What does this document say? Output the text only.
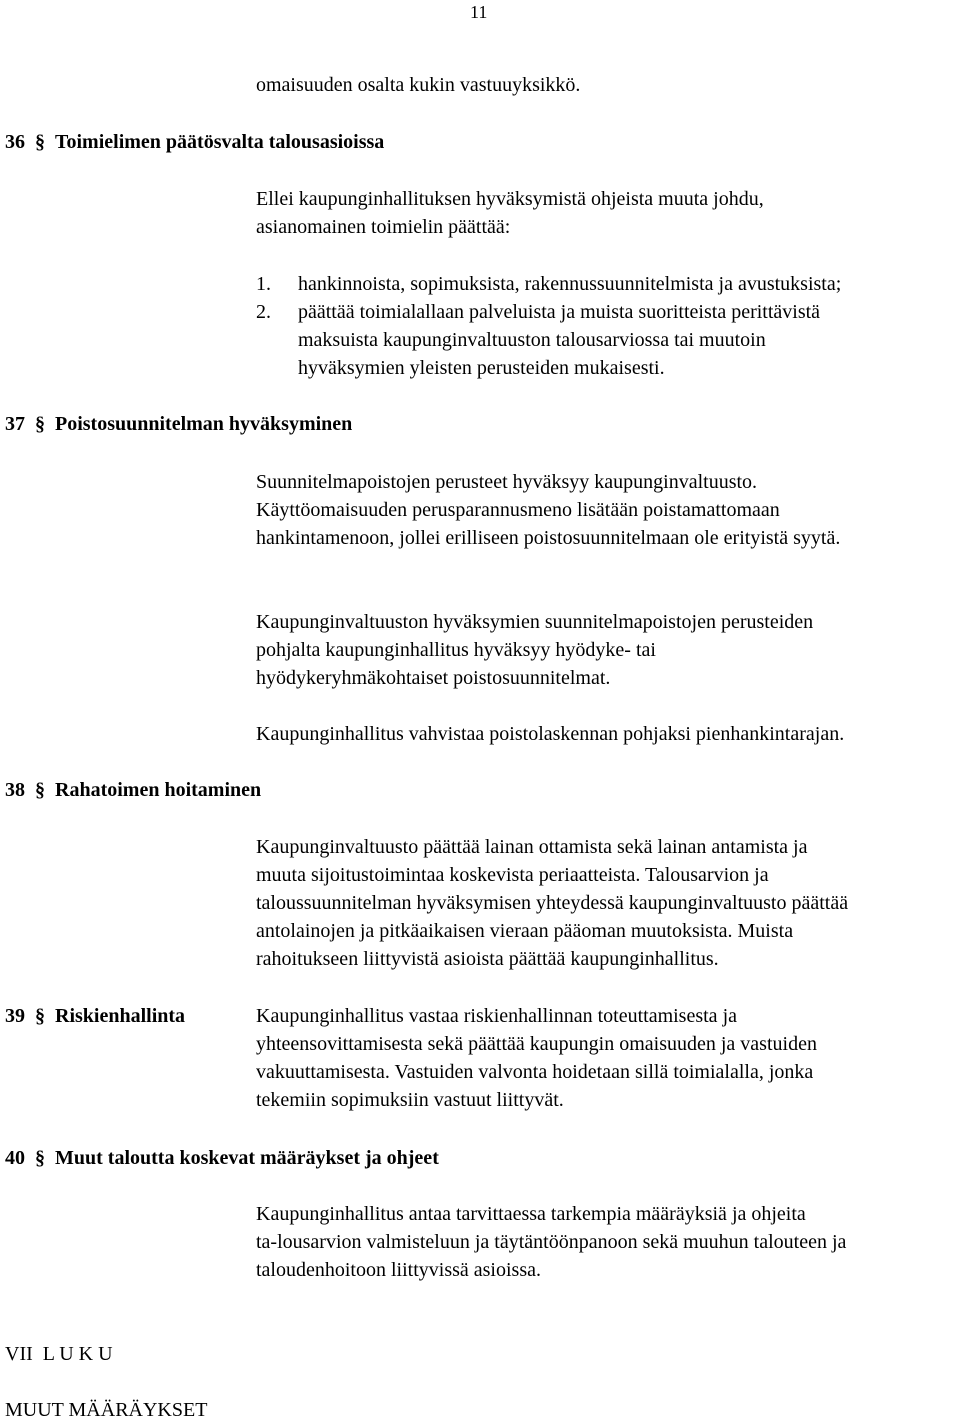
11
omaisuuden osalta kukin vastuuyksikkö.
36 § Toimielimen päätösvalta talousasioissa
Ellei kaupunginhallituksen hyväksymistä ohjeista muuta johdu,
asianomainen toimielin päättää:
1. hankinnoista, sopimuksista, rakennussuunnitelmista ja avustuksista;
2. päättää toimialallaan palveluista ja muista suoritteista perittävistä
maksuista kaupunginvaltuuston talousarviossa tai muutoin
hyväksymien yleisten perusteiden mukaisesti.
37 § Poistosuunnitelman hyväksyminen
Suunnitelmapoistojen perusteet hyväksyy kaupunginvaltuusto.
Käyttöomaisuuden perusparannusmeno lisätään poistamattomaan
hankintamenoon, jollei erilliseen poistosuunnitelmaan ole erityistä syytä.
Kaupunginvaltuuston hyväksymien suunnitelmapoistojen perusteiden
pohjalta kaupunginhallitus hyväksyy hyödyke- tai
hyödykeryhmäkohtaiset poistosuunnitelmat.
Kaupunginhallitus vahvistaa poistolaskennan pohjaksi pienhankintarajan.
38 § Rahatoimen hoitaminen
Kaupunginvaltuusto päättää lainan ottamista sekä lainan antamista ja
muuta sijoitustoimintaa koskevista periaatteista. Talousarvion ja
taloussuunnitelman hyväksymisen yhteydessä kaupunginvaltuusto päättää
antolainojen ja pitkäaikaisen vieraan pääoman muutoksista. Muista
rahoitukseen liittyvistä asioista päättää kaupunginhallitus.
39 § Riskienhallinta	Kaupunginhallitus vastaa riskienhallinnan toteuttamisesta ja
yhteensovittamisesta sekä päättää kaupungin omaisuuden ja vastuiden
vakuuttamisesta. Vastuiden valvonta hoidetaan sillä toimialalla, jonka
tekemiin sopimuksiin vastuut liittyvät.
40 § Muut taloutta koskevat määräykset ja ohjeet
Kaupunginhallitus antaa tarvittaessa tarkempia määräyksiä ja ohjeita
ta-lousarvion valmisteluun ja täytäntöönpanoon sekä muuhun talouteen ja
taloudenhoitoon liittyvissä asioissa.
VII  L U K U
MUUT MÄÄRÄYKSET
